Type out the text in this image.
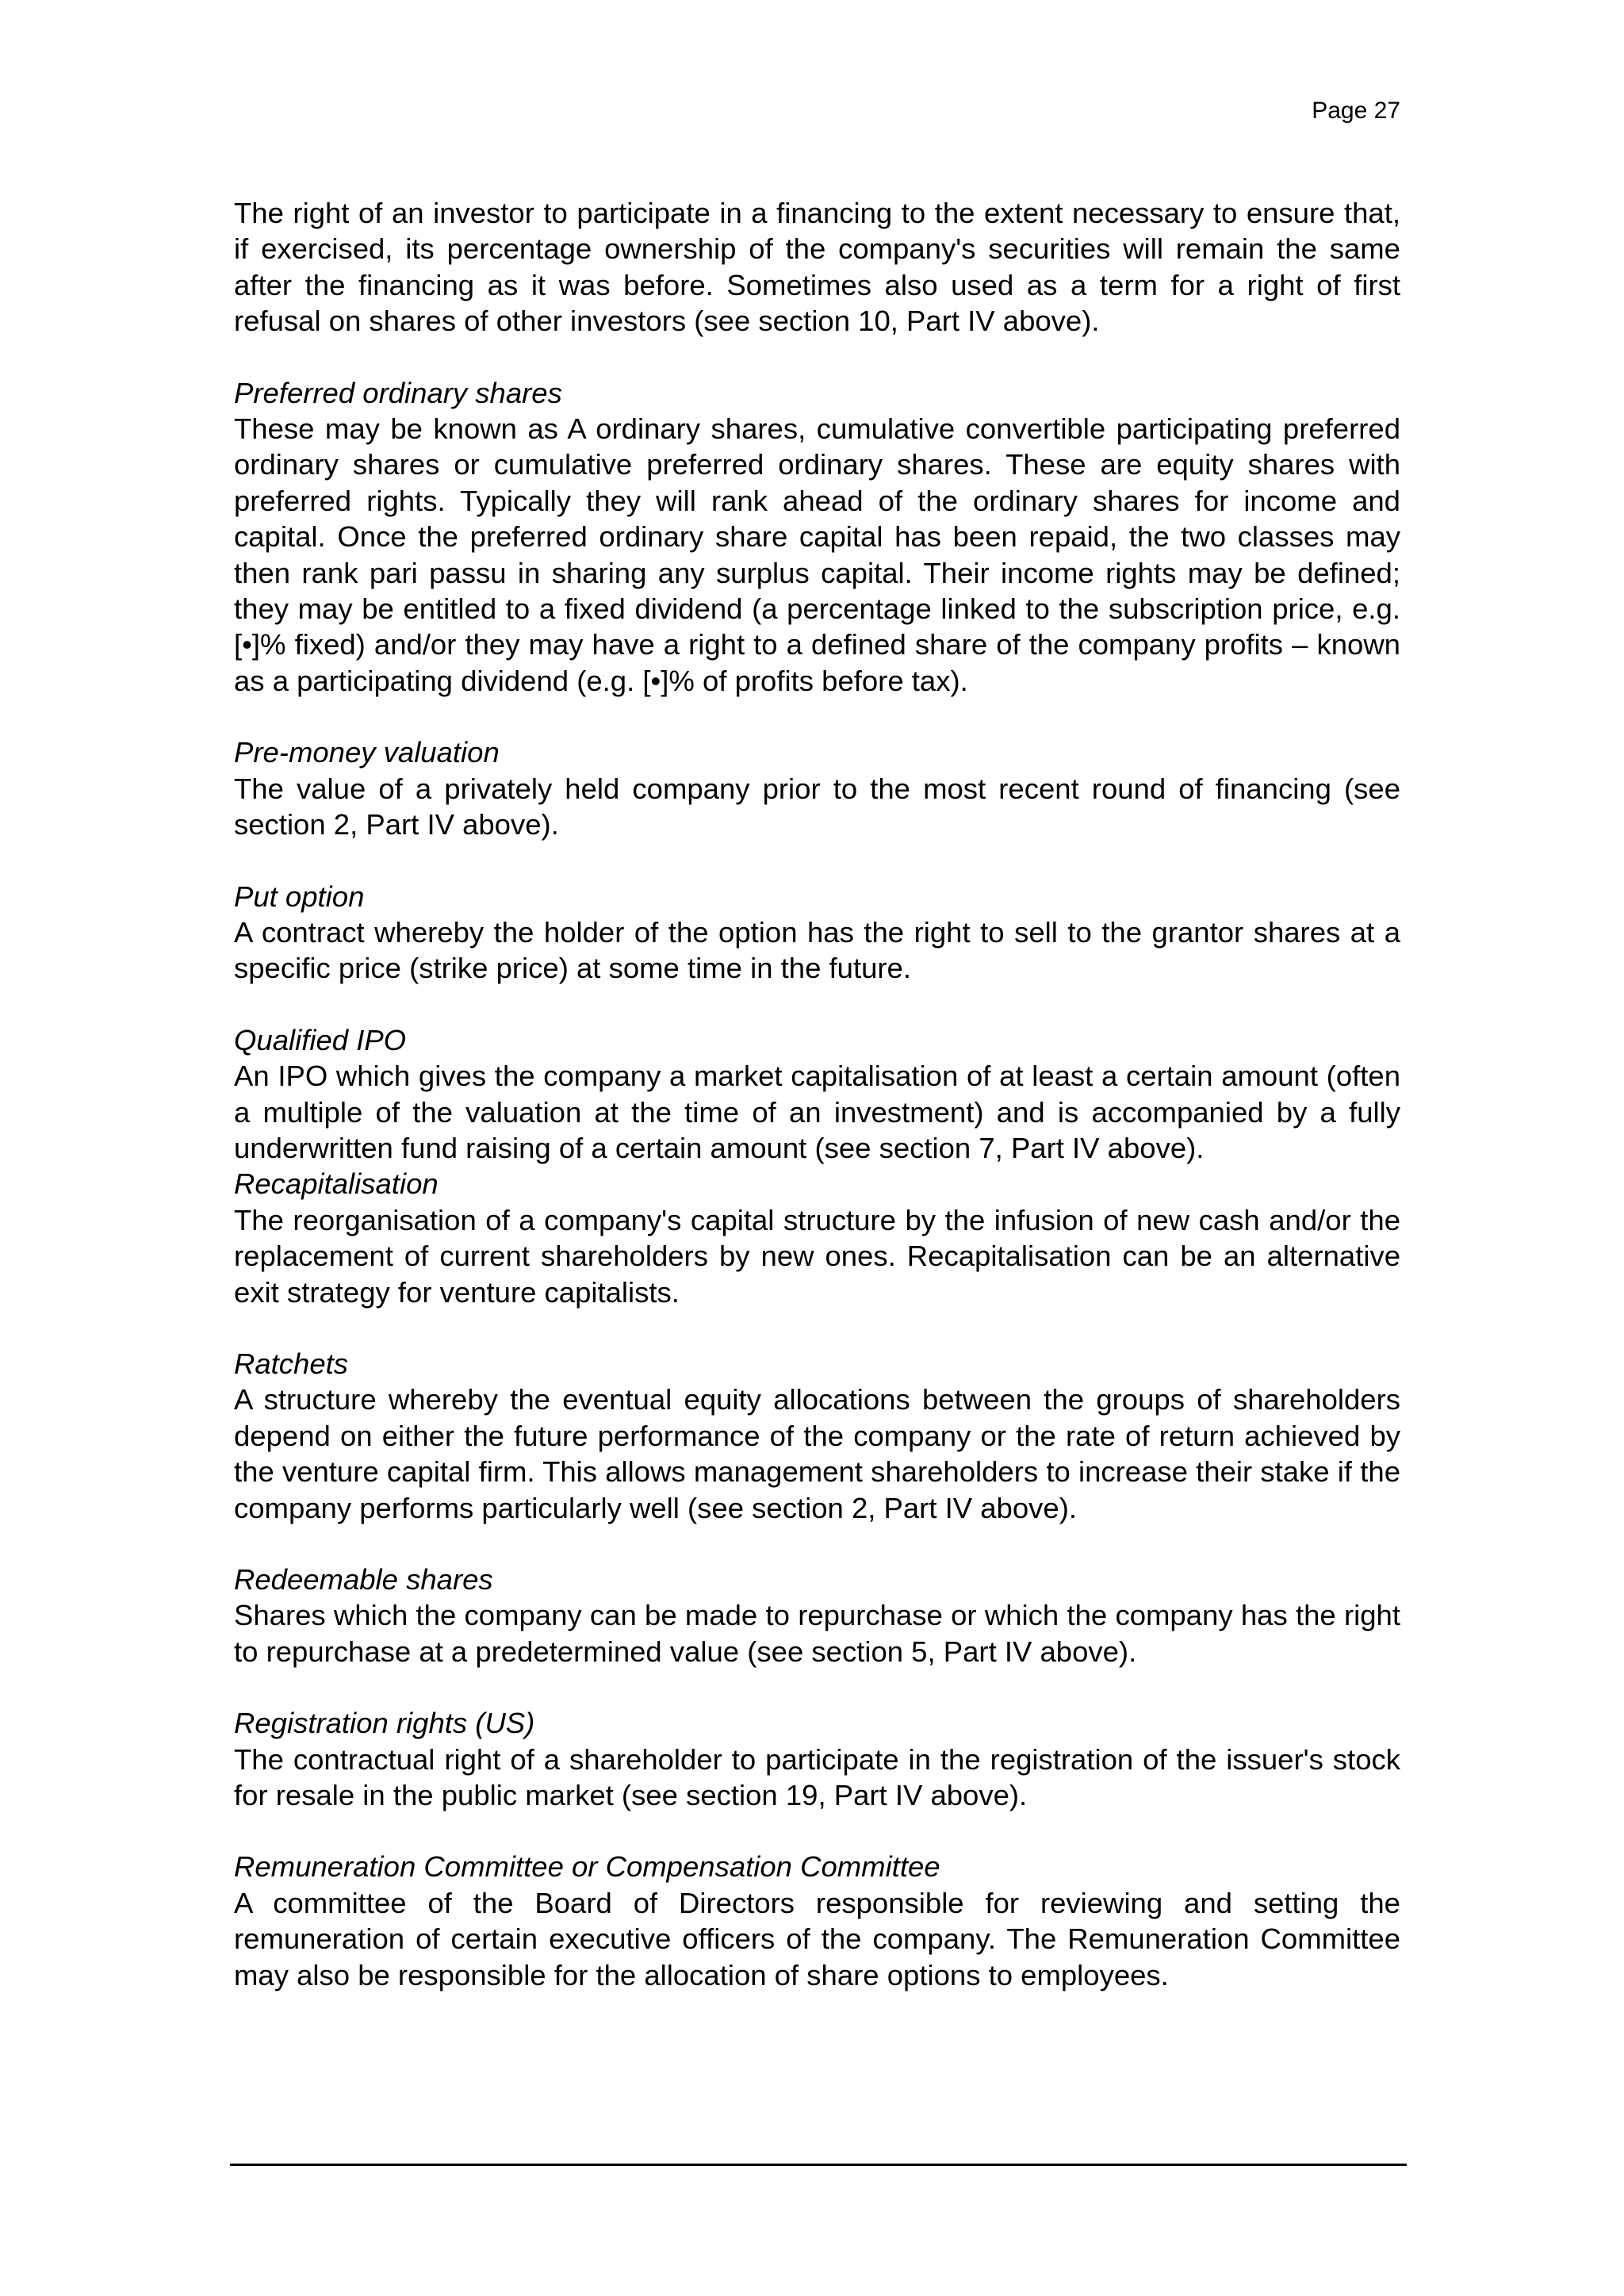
Page 27

The right of an investor to participate in a financing to the extent necessary to ensure that, if exercised, its percentage ownership of the company's securities will remain the same after the financing as it was before. Sometimes also used as a term for a right of first refusal on shares of other investors (see section 10, Part IV above).

Preferred ordinary shares

These may be known as A ordinary shares, cumulative convertible participating preferred ordinary shares or cumulative preferred ordinary shares. These are equity shares with preferred rights. Typically they will rank ahead of the ordinary shares for income and capital. Once the preferred ordinary share capital has been repaid, the two classes may then rank pari passu in sharing any surplus capital. Their income rights may be defined; they may be entitled to a fixed dividend (a percentage linked to the subscription price, e.g. [•]% fixed) and/or they may have a right to a defined share of the company profits – known as a participating dividend (e.g. [•]% of profits before tax).

Pre-money valuation

The value of a privately held company prior to the most recent round of financing (see section 2, Part IV above).

Put option

A contract whereby the holder of the option has the right to sell to the grantor shares at a specific price (strike price) at some time in the future.

Qualified IPO

An IPO which gives the company a market capitalisation of at least a certain amount (often a multiple of the valuation at the time of an investment) and is accompanied by a fully underwritten fund raising of a certain amount (see section 7, Part IV above).

Recapitalisation

The reorganisation of a company's capital structure by the infusion of new cash and/or the replacement of current shareholders by new ones. Recapitalisation can be an alternative exit strategy for venture capitalists.

Ratchets

A structure whereby the eventual equity allocations between the groups of shareholders depend on either the future performance of the company or the rate of return achieved by the venture capital firm. This allows management shareholders to increase their stake if the company performs particularly well (see section 2, Part IV above).

Redeemable shares

Shares which the company can be made to repurchase or which the company has the right to repurchase at a predetermined value (see section 5, Part IV above).

Registration rights (US)

The contractual right of a shareholder to participate in the registration of the issuer's stock for resale in the public market (see section 19, Part IV above).

Remuneration Committee or Compensation Committee

A committee of the Board of Directors responsible for reviewing and setting the remuneration of certain executive officers of the company. The Remuneration Committee may also be responsible for the allocation of share options to employees.
